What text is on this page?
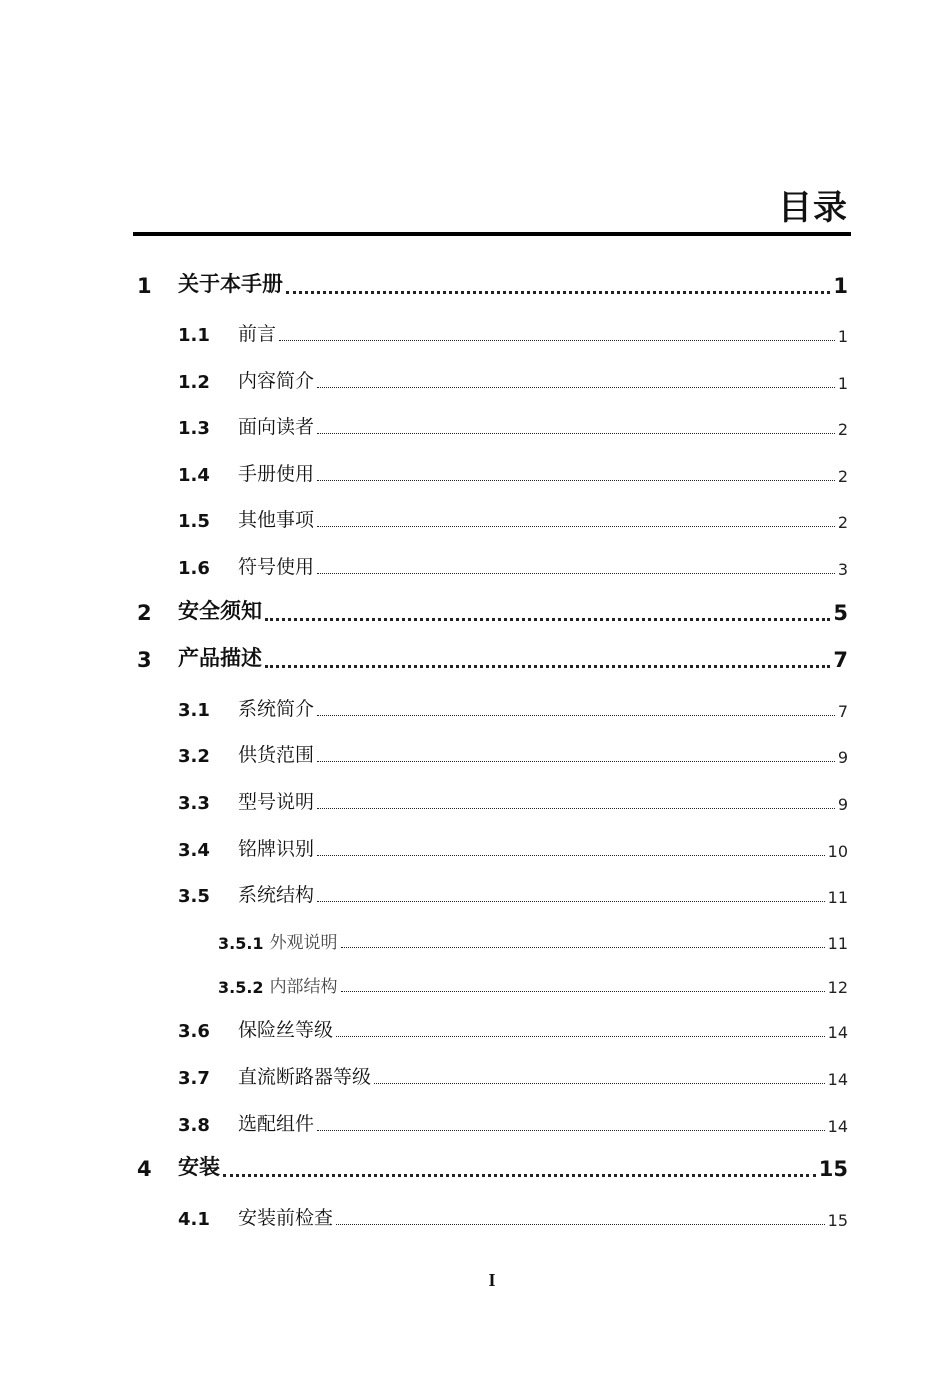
目录
1	关于本手册	1
1.1	前言	1
1.2	内容简介	1
1.3	面向读者	2
1.4	手册使用	2
1.5	其他事项	2
1.6	符号使用	3
2	安全须知	5
3	产品描述	7
3.1	系统简介	7
3.2	供货范围	9
3.3	型号说明	9
3.4	铭牌识别	10
3.5	系统结构	11
3.5.1 外观说明	11
3.5.2 内部结构	12
3.6	保险丝等级	14
3.7	直流断路器等级	14
3.8	选配组件	14
4	安装	15
4.1	安装前检查	15
I
